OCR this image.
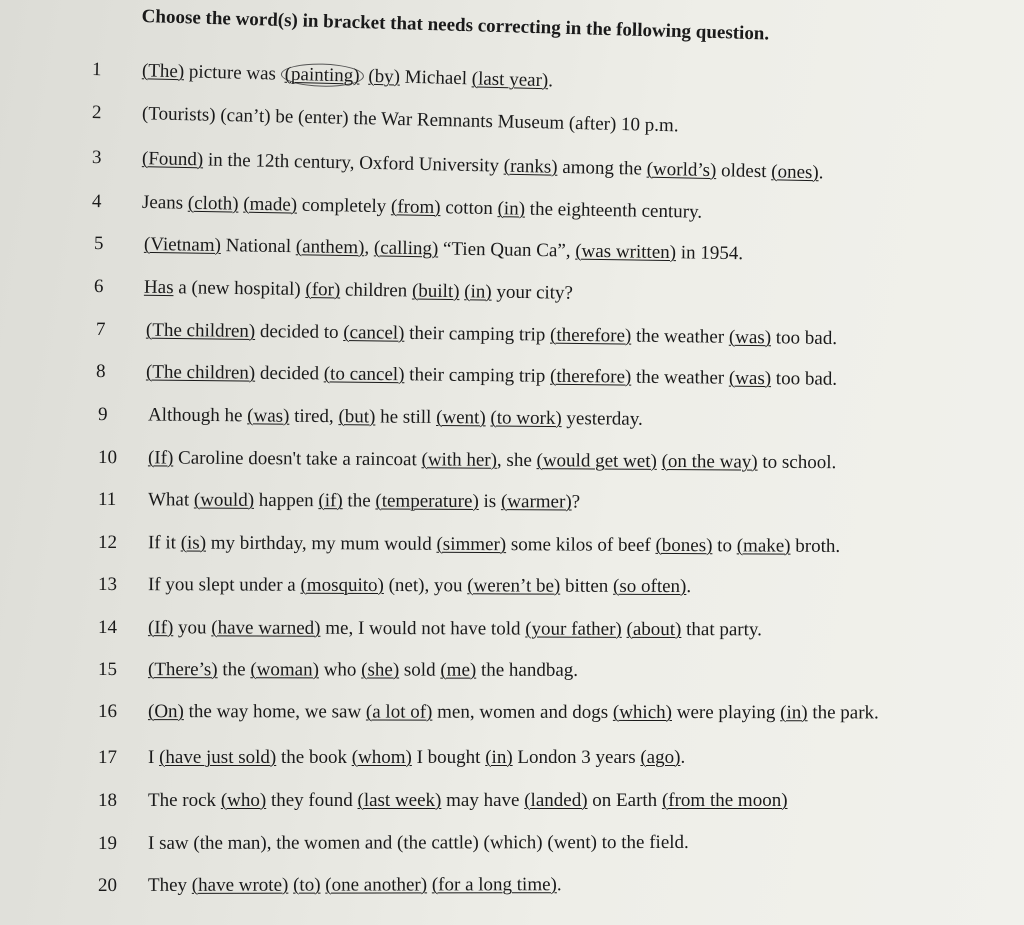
Choose the word(s) in bracket that needs correcting in the following question.
1	(The) picture was (painting) (by) Michael (last year).
2	(Tourists) (can’t) be (enter) the War Remnants Museum (after) 10 p.m.
3	(Found) in the 12th century, Oxford University (ranks) among the (world’s) oldest (ones).
4	Jeans (cloth) (made) completely (from) cotton (in) the eighteenth century.
5	(Vietnam) National (anthem), (calling) “Tien Quan Ca”, (was written) in 1954.
6	Has a (new hospital) (for) children (built) (in) your city?
7	(The children) decided to (cancel) their camping trip (therefore) the weather (was) too bad.
8	(The children) decided (to cancel) their camping trip (therefore) the weather (was) too bad.
9	Although he (was) tired, (but) he still (went) (to work) yesterday.
10	(If) Caroline doesn't take a raincoat (with her), she (would get wet) (on the way) to school.
11	What (would) happen (if) the (temperature) is (warmer)?
12	If it (is) my birthday, my mum would (simmer) some kilos of beef (bones) to (make) broth.
13	If you slept under a (mosquito) (net), you (weren’t be) bitten (so often).
14	(If) you (have warned) me, I would not have told (your father) (about) that party.
15	(There’s) the (woman) who (she) sold (me) the handbag.
16	(On) the way home, we saw (a lot of) men, women and dogs (which) were playing (in) the park.
17	I (have just sold) the book (whom) I bought (in) London 3 years (ago).
18	The rock (who) they found (last week) may have (landed) on Earth (from the moon)
19	I saw (the man), the women and (the cattle) (which) (went) to the field.
20	They (have wrote) (to) (one another) (for a long time).
